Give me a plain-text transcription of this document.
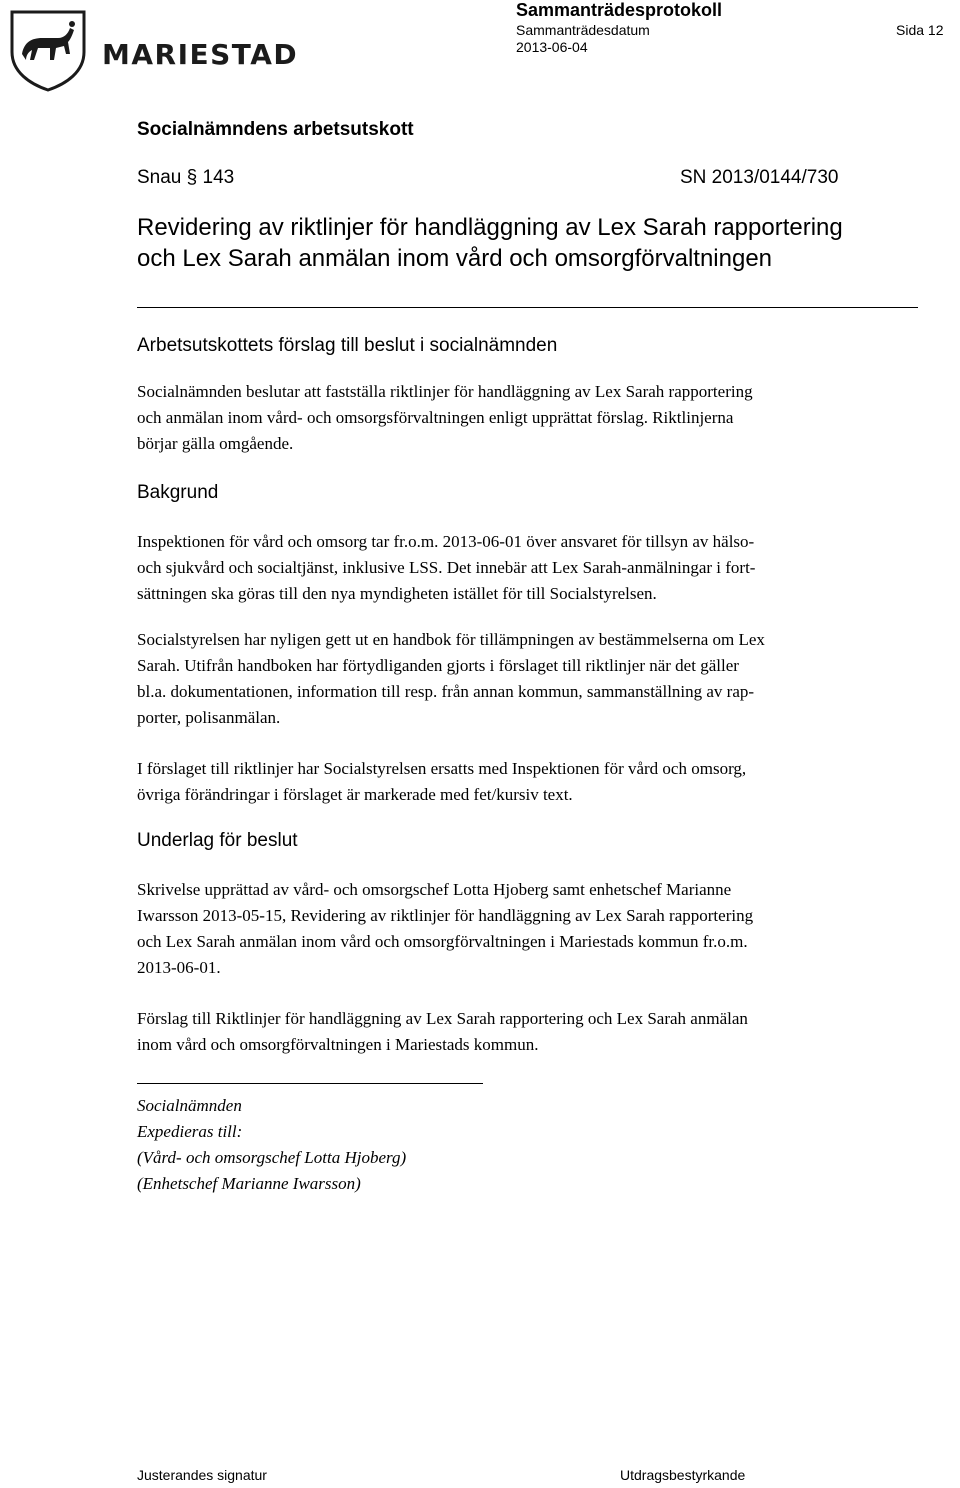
MARIESTAD
Sammanträdesprotokoll
Sammanträdesdatum
2013-06-04
Sida 12
Socialnämndens arbetsutskott
Snau § 143	SN 2013/0144/730
Revidering av riktlinjer för handläggning av Lex Sarah rapportering
och Lex Sarah anmälan inom vård och omsorgförvaltningen
Arbetsutskottets förslag till beslut i socialnämnden
Socialnämnden beslutar att fastställa riktlinjer för handläggning av Lex Sarah rapportering
och anmälan inom vård- och omsorgsförvaltningen enligt upprättat förslag. Riktlinjerna
börjar gälla omgående.
Bakgrund
Inspektionen för vård och omsorg tar fr.o.m. 2013-06-01 över ansvaret för tillsyn av hälso-
och sjukvård och socialtjänst, inklusive LSS. Det innebär att Lex Sarah-anmälningar i fort-
sättningen ska göras till den nya myndigheten istället för till Socialstyrelsen.
Socialstyrelsen har nyligen gett ut en handbok för tillämpningen av bestämmelserna om Lex
Sarah. Utifrån handboken har förtydliganden gjorts i förslaget till riktlinjer när det gäller
bl.a. dokumentationen, information till resp. från annan kommun, sammanställning av rap-
porter, polisanmälan.
I förslaget till riktlinjer har Socialstyrelsen ersatts med Inspektionen för vård och omsorg,
övriga förändringar i förslaget är markerade med fet/kursiv text.
Underlag för beslut
Skrivelse upprättad av vård- och omsorgschef Lotta Hjoberg samt enhetschef Marianne
Iwarsson 2013-05-15, Revidering av riktlinjer för handläggning av Lex Sarah rapportering
och Lex Sarah anmälan inom vård och omsorgförvaltningen i Mariestads kommun fr.o.m.
2013-06-01.
Förslag till Riktlinjer för handläggning av Lex Sarah rapportering och Lex Sarah anmälan
inom vård och omsorgförvaltningen i Mariestads kommun.
Socialnämnden
Expedieras till:
(Vård- och omsorgschef Lotta Hjoberg)
(Enhetschef Marianne Iwarsson)
Justerandes signatur	Utdragsbestyrkande
